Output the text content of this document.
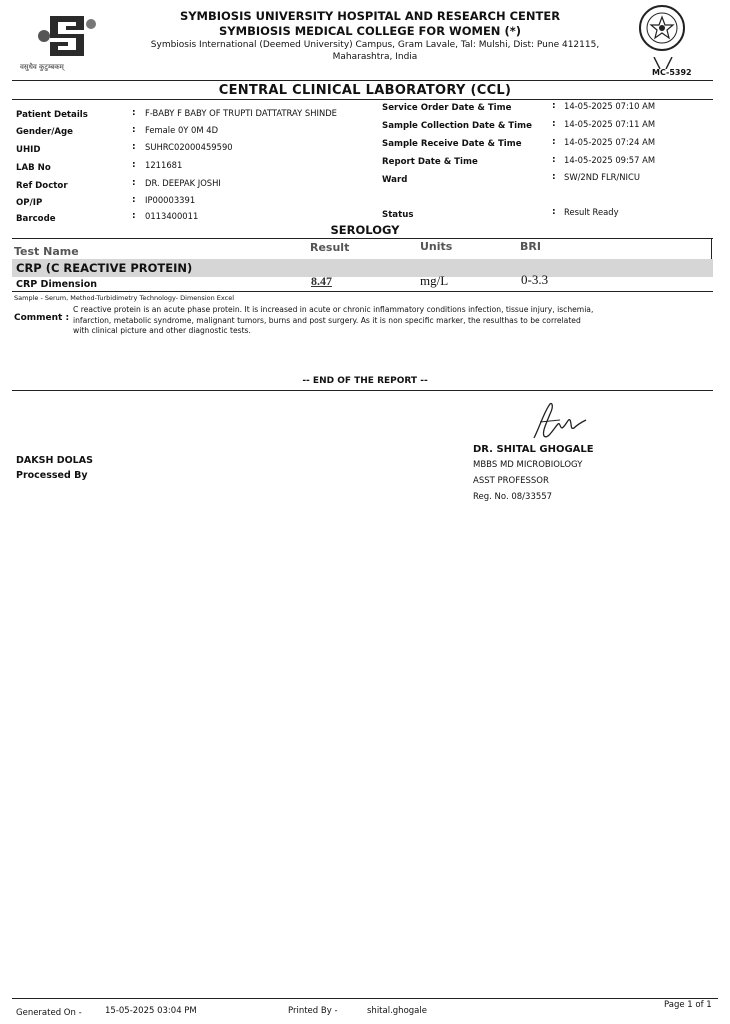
वसुधैव कुटुम्बकम्
SYMBIOSIS UNIVERSITY HOSPITAL AND RESEARCH CENTER
SYMBIOSIS MEDICAL COLLEGE FOR WOMEN (*)
Symbiosis International (Deemed University) Campus, Gram Lavale, Tal: Mulshi, Dist: Pune 412115,
Maharashtra, India
MC-5392
CENTRAL CLINICAL LABORATORY (CCL)
Patient Details	: F-BABY F BABY OF TRUPTI DATTATRAY SHINDE
Gender/Age	: Female 0Y 0M 4D
UHID	: SUHRC02000459590
LAB No	: 1211681
Ref Doctor	: DR. DEEPAK JOSHI
OP/IP	: IP00003391
Barcode	: 0113400011
Service Order Date & Time	: 14-05-2025 07:10 AM
Sample Collection Date & Time : 14-05-2025 07:11 AM
Sample Receive Date & Time	: 14-05-2025 07:24 AM
Report Date & Time	: 14-05-2025 09:57 AM
Ward	: SW/2ND FLR/NICU
Status	: Result Ready
SEROLOGY
Test Name	Result	Units	BRI
CRP (C REACTIVE PROTEIN)
CRP Dimension	8.47	mg/L	0-3.3
Sample - Serum, Method-Turbidimetry Technology- Dimension Excel
Comment :
C reactive protein is an acute phase protein. It is increased in acute or chronic inflammatory conditions infection, tissue injury, ischemia,
infarction, metabolic syndrome, malignant tumors, burns and post surgery. As it is non specific marker, the resulthas to be correlated
with clinical picture and other diagnostic tests.
-- END OF THE REPORT --
DAKSH DOLAS
Processed By
DR. SHITAL GHOGALE
MBBS MD MICROBIOLOGY
ASST PROFESSOR
Reg. No. 08/33557
Generated On -	15-05-2025 03:04 PM	Printed By -	shital.ghogale
Page 1 of 1
